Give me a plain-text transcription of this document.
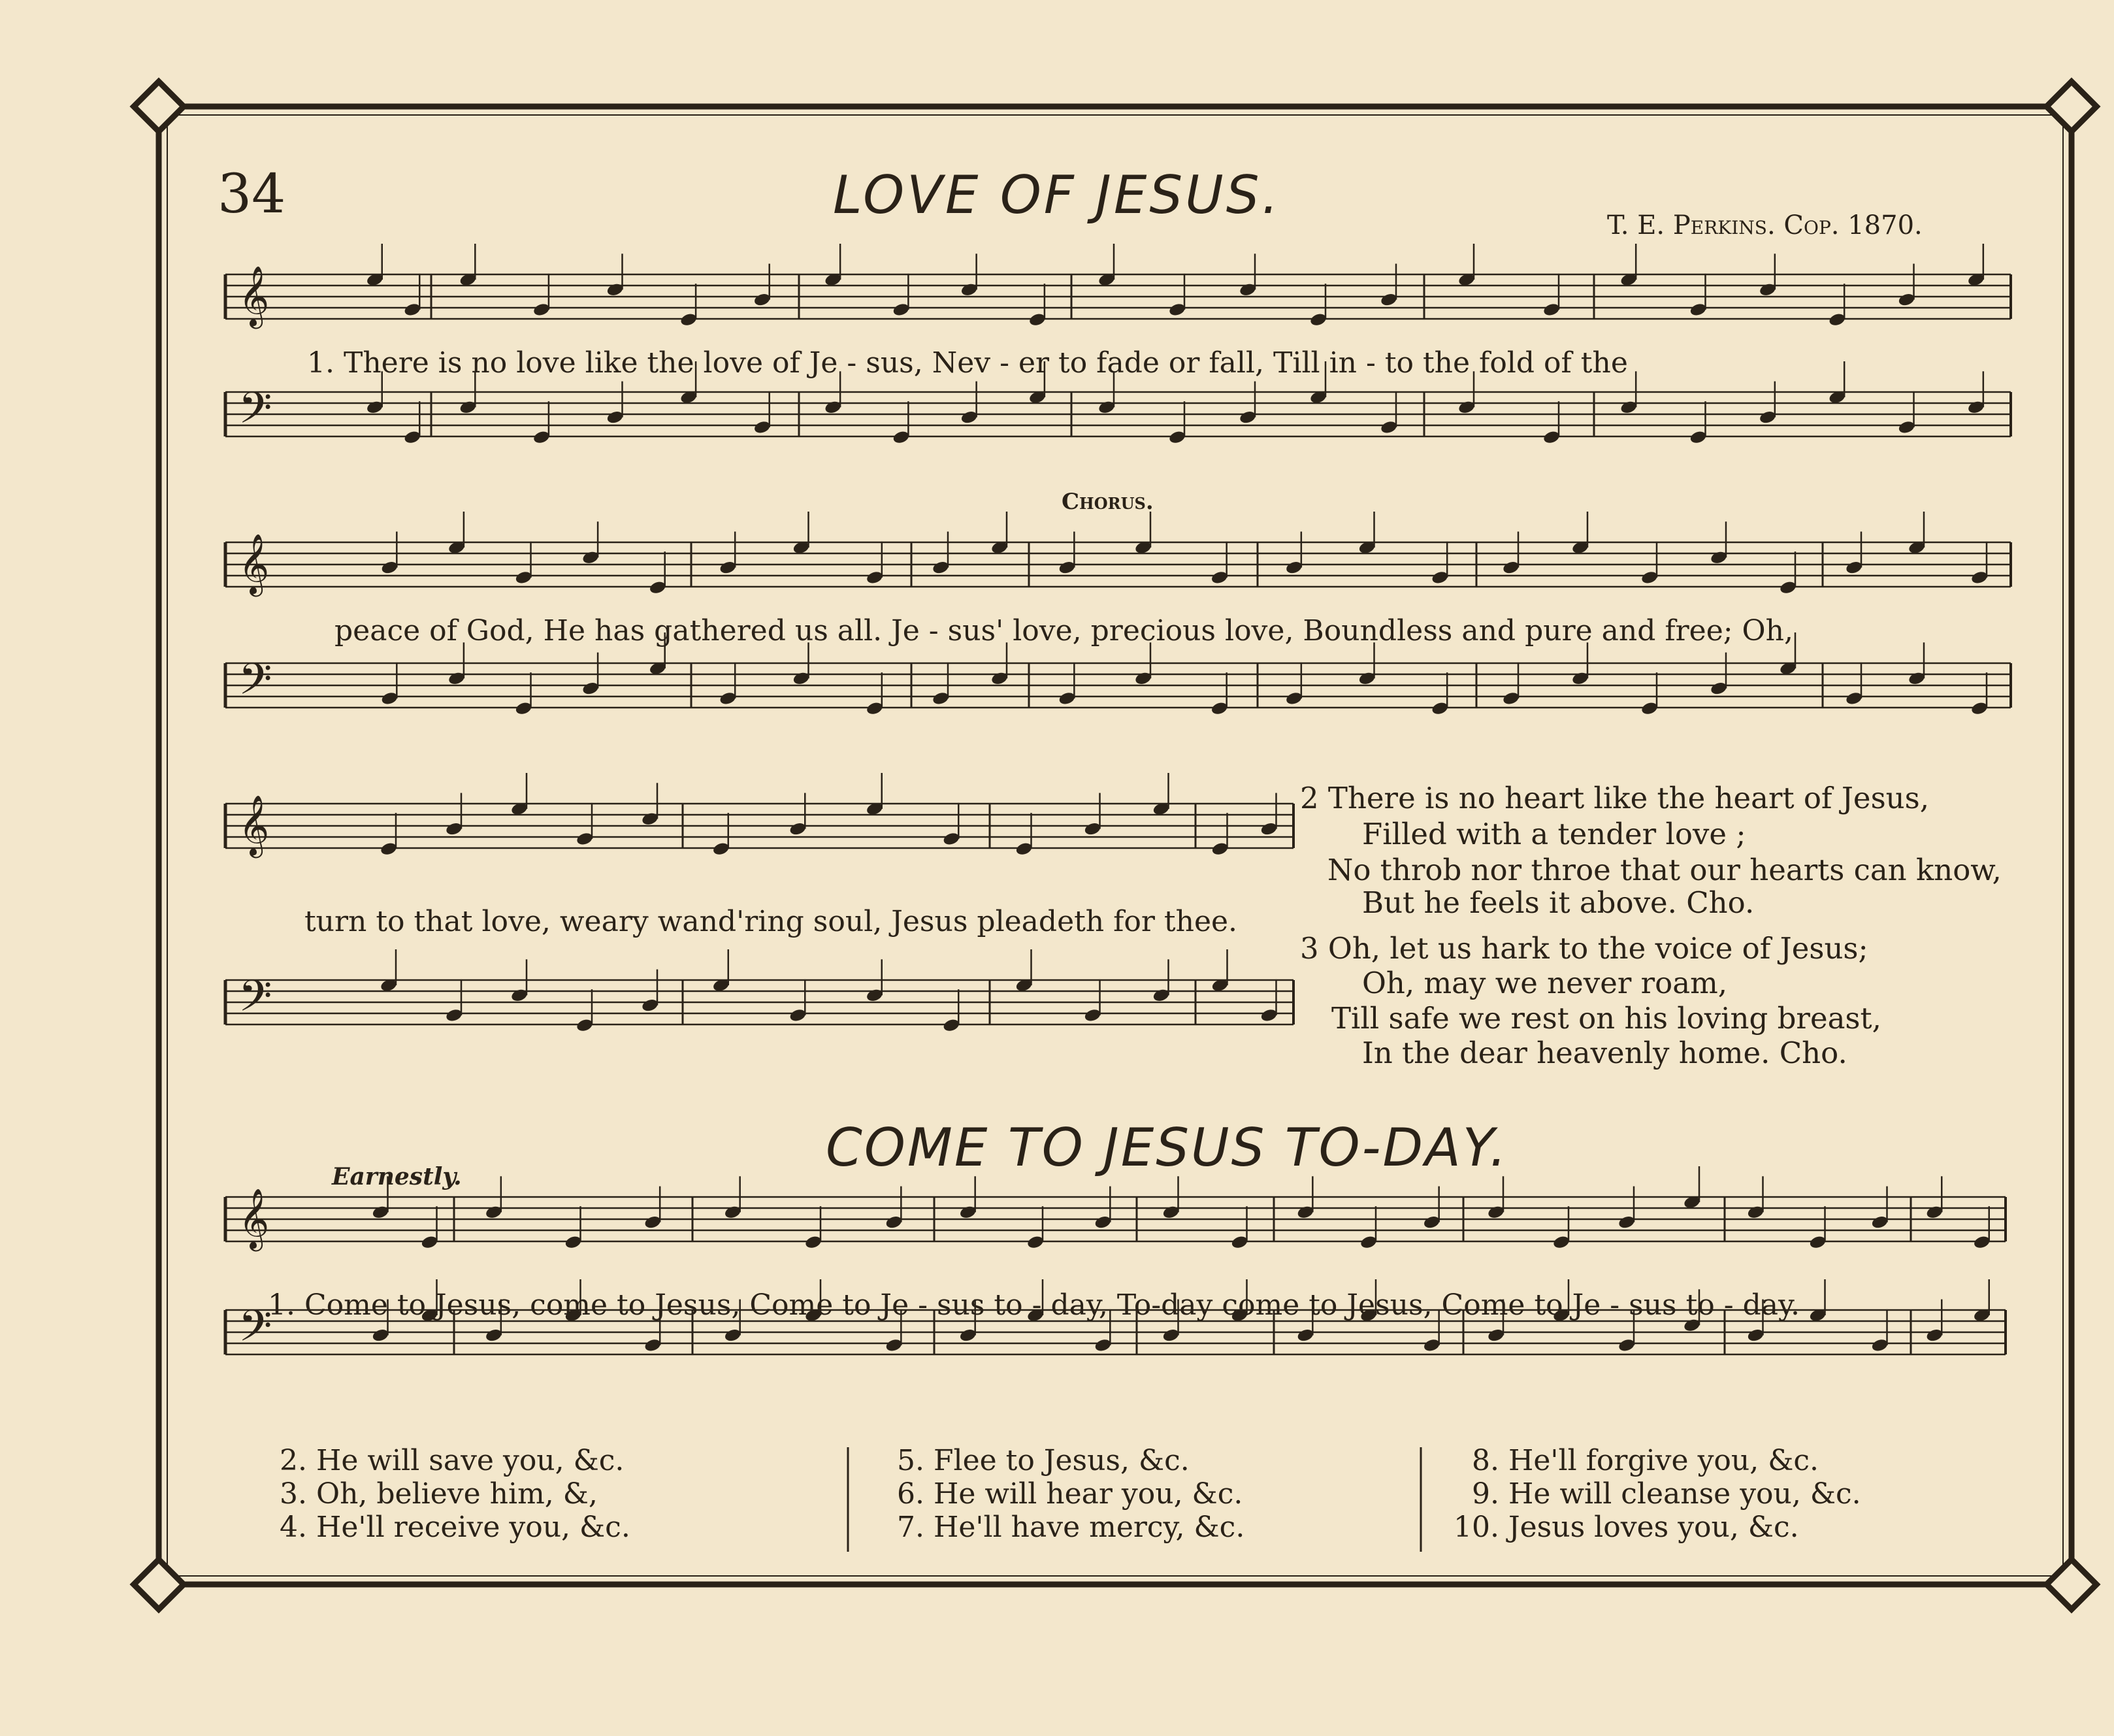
𝄞
𝄢
𝄞
𝄢
𝄞
𝄢
𝄞
𝄢
34	LOVE OF JESUS.	T. E. Perkins. Cop. 1870.
1. There is no love like the love of Je - sus, Nev - er to fade or fall, Till in - to the fold of the
Chorus.
peace of God, He has gathered us all. Je - sus' love, precious love, Boundless and pure and free; Oh,
turn to that love, weary wand'ring soul, Jesus pleadeth for thee.
2 There is no heart like the heart of Jesus,
Filled with a tender love ;
No throb nor throe that our hearts can know,
But he feels it above. Cho.
3 Oh, let us hark to the voice of Jesus;
Oh, may we never roam,
Till safe we rest on his loving breast,
In the dear heavenly home. Cho.
COME TO JESUS TO-DAY.
Earnestly.
1. Come to Jesus, come to Jesus, Come to Je - sus to - day, To-day come to Jesus, Come to Je - sus to - day.
2. He will save you, &c.
3. Oh, believe him, &,
4. He'll receive you, &c.
5. Flee to Jesus, &c.
6. He will hear you, &c.
7. He'll have mercy, &c.
8. He'll forgive you, &c.
9. He will cleanse you, &c.
10. Jesus loves you, &c.
